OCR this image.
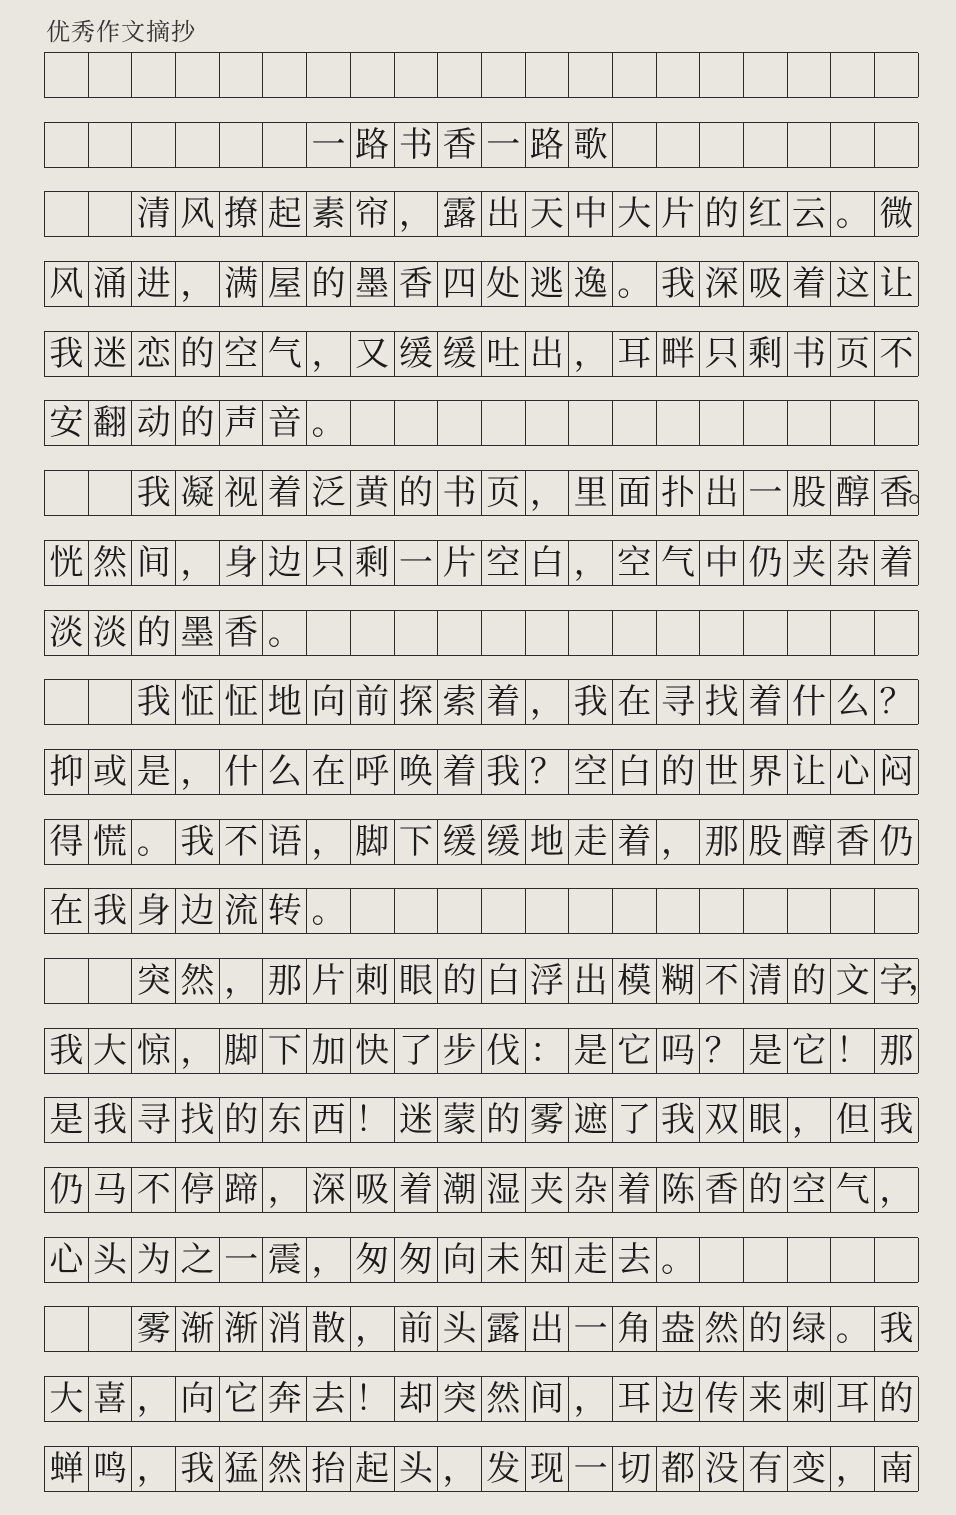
优秀作文摘抄
一 路 书 香 一 路 歌
清 风 撩 起 素 帘 ， 露 出 天 中 大 片 的 红 云 。 微
风 涌 进 ， 满 屋 的 墨 香 四 处 逃 逸 。 我 深 吸 着 这 让
我 迷 恋 的 空 气 ， 又 缓 缓 吐 出 ， 耳 畔 只 剩 书 页 不
安 翻 动 的 声 音 。
我 凝 视 着 泛 黄 的 书 页 ， 里 面 扑 出 一 股 醇 香
。
恍 然 间 ， 身 边 只 剩 一 片 空 白 ， 空 气 中 仍 夹 杂 着
淡 淡 的 墨 香 。
我 怔 怔 地 向 前 探 索 着 ， 我 在 寻 找 着 什 么 ？
抑 或 是 ， 什 么 在 呼 唤 着 我 ？ 空 白 的 世 界 让 心 闷
得 慌 。 我 不 语 ， 脚 下 缓 缓 地 走 着 ， 那 股 醇 香 仍
在 我 身 边 流 转 。
突 然 ， 那 片 刺 眼 的 白 浮 出 模 糊 不 清 的 文 字
，
我 大 惊 ， 脚 下 加 快 了 步 伐 ： 是 它 吗 ？ 是 它 ！ 那
是 我 寻 找 的 东 西 ！ 迷 蒙 的 雾 遮 了 我 双 眼 ， 但 我
仍 马 不 停 蹄 ， 深 吸 着 潮 湿 夹 杂 着 陈 香 的 空 气 ，
心 头 为 之 一 震 ， 匆 匆 向 未 知 走 去 。
雾 渐 渐 消 散 ， 前 头 露 出 一 角 盎 然 的 绿 。 我
大 喜 ， 向 它 奔 去 ！ 却 突 然 间 ， 耳 边 传 来 刺 耳 的
蝉 鸣 ， 我 猛 然 抬 起 头 ， 发 现 一 切 都 没 有 变 ， 南
